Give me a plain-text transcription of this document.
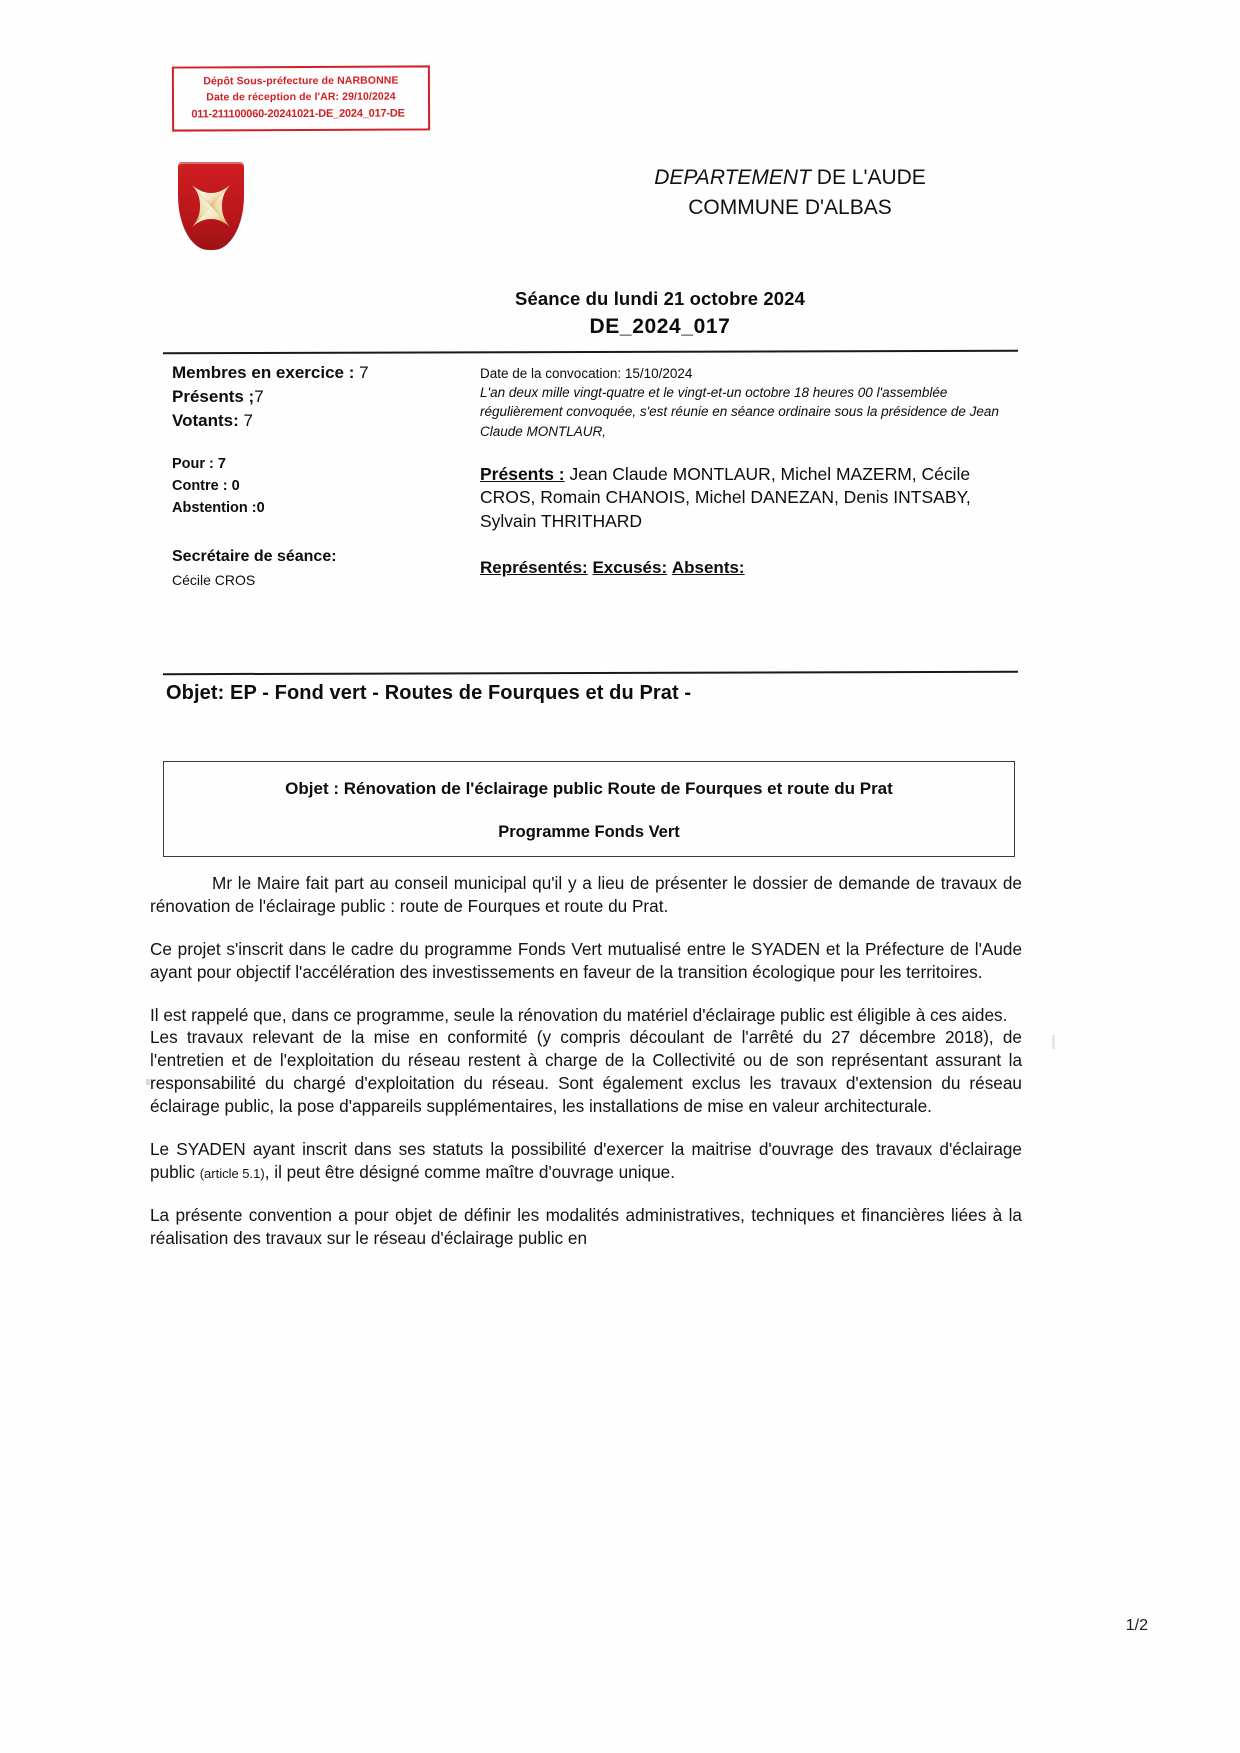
Dépôt Sous-préfecture de NARBONNE
Date de réception de l'AR: 29/10/2024
011-211100060-20241021-DE_2024_017-DE
DEPARTEMENT DE L'AUDE
COMMUNE D'ALBAS
Séance du lundi 21 octobre 2024
DE_2024_017
Membres en exercice : 7
Présents ;7
Votants: 7
Pour : 7
Contre : 0
Abstention :0
Secrétaire de séance:
Cécile CROS
Date de la convocation: 15/10/2024
L'an deux mille vingt-quatre et le vingt-et-un octobre 18 heures 00 l'assemblée régulièrement convoquée, s'est réunie en séance ordinaire sous la présidence de Jean Claude MONTLAUR,
Présents : Jean Claude MONTLAUR, Michel MAZERM, Cécile CROS, Romain CHANOIS, Michel DANEZAN, Denis INTSABY, Sylvain THRITHARD
Représentés: Excusés: Absents:
Objet: EP - Fond vert - Routes de Fourques et du Prat -
Objet : Rénovation de l'éclairage public Route de Fourques et route du Prat
Programme Fonds Vert

Mr le Maire fait part au conseil municipal qu'il y a lieu de présenter le dossier de demande de travaux de rénovation de l'éclairage public : route de Fourques et route du Prat.

Ce projet s'inscrit dans le cadre du programme Fonds Vert mutualisé entre le SYADEN et la Préfecture de l'Aude ayant pour objectif l'accélération des investissements en faveur de la transition écologique pour les territoires.

Il est rappelé que, dans ce programme, seule la rénovation du matériel d'éclairage public est éligible à ces aides.

Les travaux relevant de la mise en conformité (y compris découlant de l'arrêté du 27 décembre 2018), de l'entretien et de l'exploitation du réseau restent à charge de la Collectivité ou de son représentant assurant la responsabilité du chargé d'exploitation du réseau. Sont également exclus les travaux d'extension du réseau éclairage public, la pose d'appareils supplémentaires, les installations de mise en valeur architecturale.

Le SYADEN ayant inscrit dans ses statuts la possibilité d'exercer la maitrise d'ouvrage des travaux d'éclairage public (article 5.1), il peut être désigné comme maître d'ouvrage unique.

La présente convention a pour objet de définir les modalités administratives, techniques et financières liées à la réalisation des travaux sur le réseau d'éclairage public en

1/2
